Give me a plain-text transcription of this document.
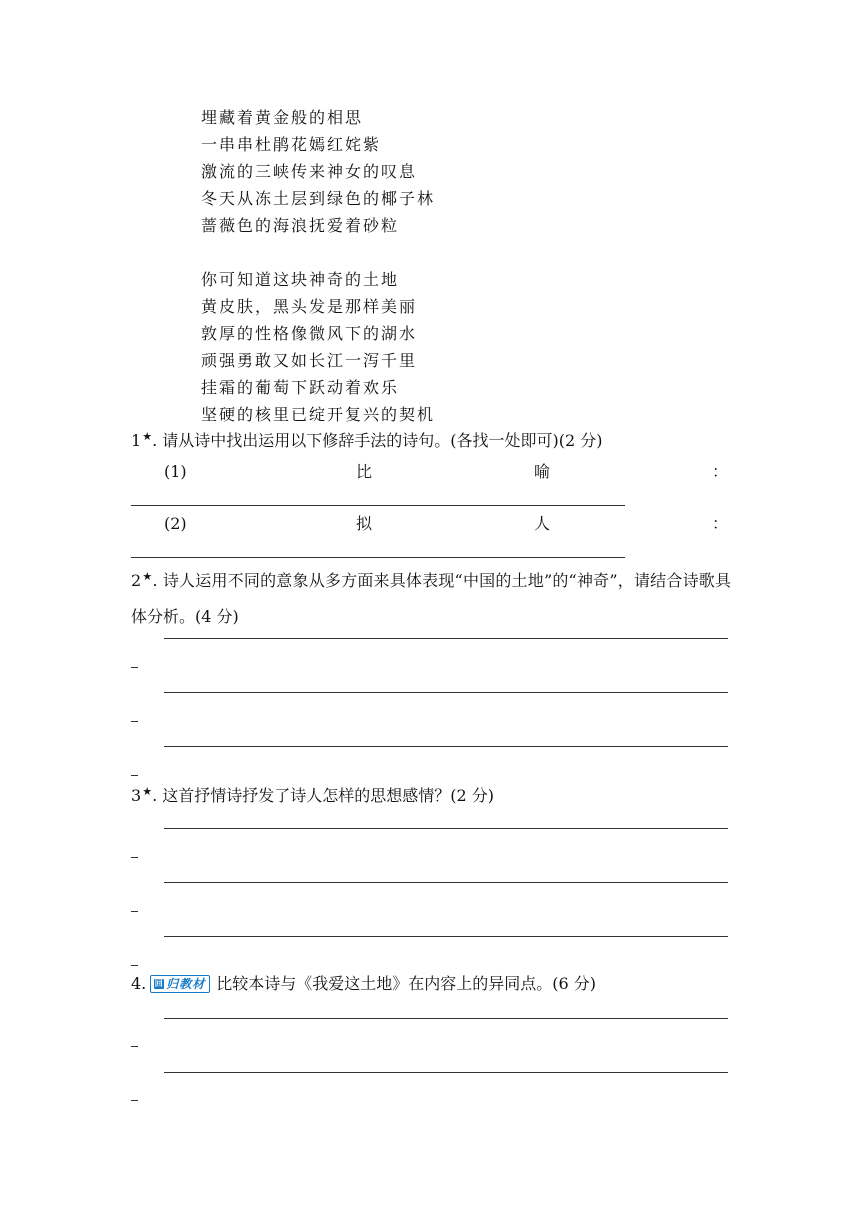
埋藏着黄金般的相思
一串串杜鹃花嫣红姹紫
激流的三峡传来神女的叹息
冬天从冻土层到绿色的椰子林
蔷薇色的海浪抚爱着砂粒
你可知道这块神奇的土地
黄皮肤，黑头发是那样美丽
敦厚的性格像微风下的湖水
顽强勇敢又如长江一泻千里
挂霜的葡萄下跃动着欢乐
坚硬的核里已绽开复兴的契机
1★. 请从诗中找出运用以下修辞手法的诗句。(各找一处即可)(2 分)
(1)	比	喻	：
(2)	拟	人	：
2★. 诗人运用不同的意象从多方面来具体表现“中国的土地”的“神奇”，请结合诗歌具体分析。(4 分)
3★. 这首抒情诗抒发了诗人怎样的思想感情？(2 分)
4. 回 归教材 比较本诗与《我爱这土地》在内容上的异同点。(6 分)
